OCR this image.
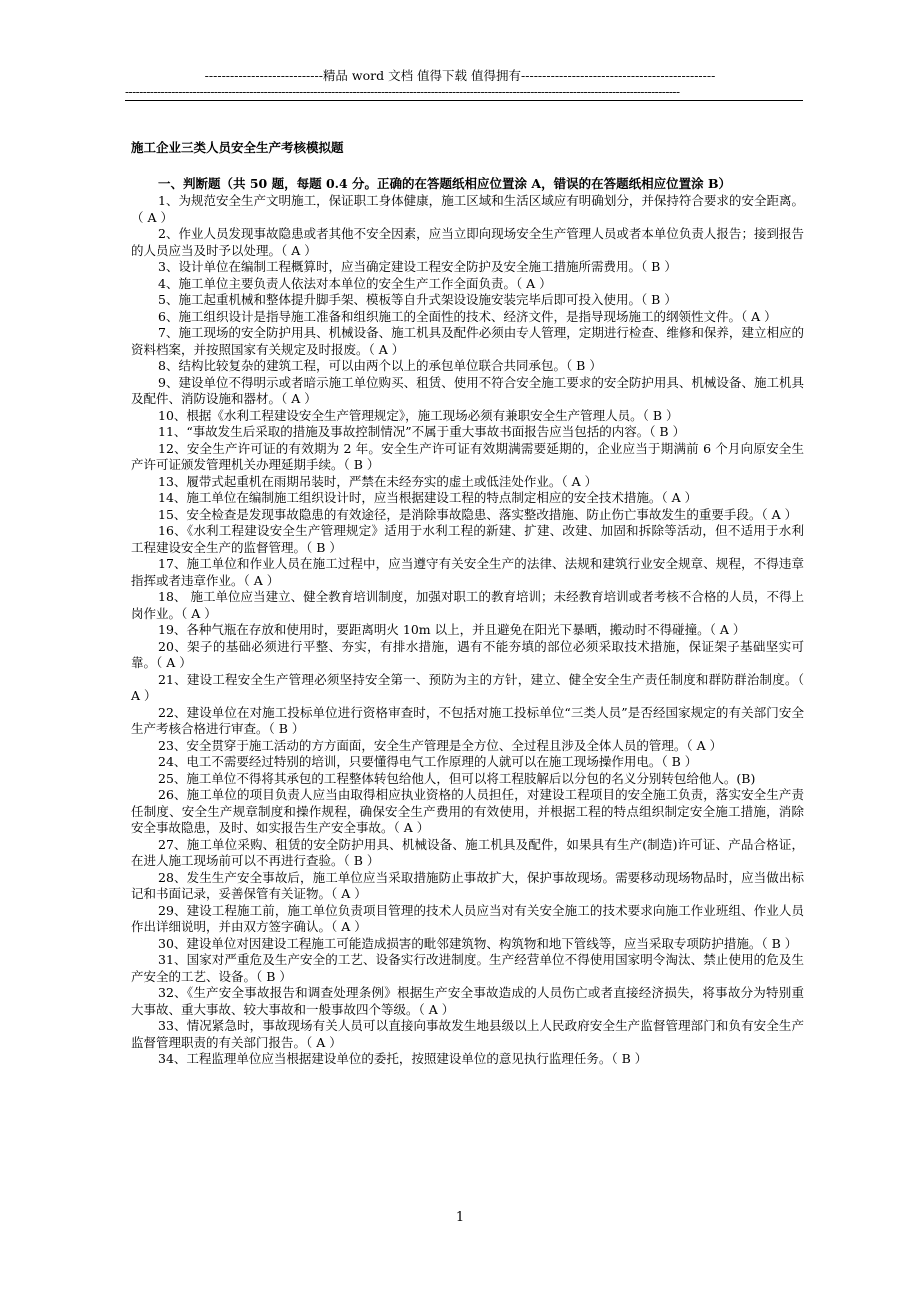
----------------------------精品 word 文档 值得下载 值得拥有----------------------------------------------
------------------------------------------------------------------------------------------------------------------------------------------------------------
施工企业三类人员安全生产考核模拟题
一、判断题（共 50 题，每题 0.4 分。正确的在答题纸相应位置涂 A，错误的在答题纸相应位置涂 B）

1、为规范安全生产文明施工，保证职工身体健康，施工区域和生活区域应有明确划分，并保持符合要求的安全距离。（ A ）

2、作业人员发现事故隐患或者其他不安全因素，应当立即向现场安全生产管理人员或者本单位负责人报告；接到报告的人员应当及时予以处理。（ A ）

3、设计单位在编制工程概算时，应当确定建设工程安全防护及安全施工措施所需费用。（ B ）

4、施工单位主要负责人依法对本单位的安全生产工作全面负责。（ A ）

5、施工起重机械和整体提升脚手架、模板等自升式架设设施安装完毕后即可投入使用。（ B ）

6、施工组织设计是指导施工准备和组织施工的全面性的技术、经济文件，是指导现场施工的纲领性文件。（ A ）

7、施工现场的安全防护用具、机械设备、施工机具及配件必须由专人管理，定期进行检查、维修和保养，建立相应的资料档案，并按照国家有关规定及时报废。（ A ）

8、结构比较复杂的建筑工程，可以由两个以上的承包单位联合共同承包。（ B ）

9、建设单位不得明示或者暗示施工单位购买、租赁、使用不符合安全施工要求的安全防护用具、机械设备、施工机具及配件、消防设施和器材。（ A ）

10、根据《水利工程建设安全生产管理规定》，施工现场必须有兼职安全生产管理人员。（ B ）

11、“事故发生后采取的措施及事故控制情况”不属于重大事故书面报告应当包括的内容。（ B ）

12、安全生产许可证的有效期为 2 年。安全生产许可证有效期满需要延期的，企业应当于期满前 6 个月向原安全生产许可证颁发管理机关办理延期手续。（ B ）

13、履带式起重机在雨期吊装时，严禁在未经夯实的虚土或低洼处作业。（ A ）

14、施工单位在编制施工组织设计时，应当根据建设工程的特点制定相应的安全技术措施。（ A ）

15、安全检查是发现事故隐患的有效途径，是消除事故隐患、落实整改措施、防止伤亡事故发生的重要手段。（ A ）

16、《水利工程建设安全生产管理规定》适用于水利工程的新建、扩建、改建、加固和拆除等活动，但不适用于水利工程建设安全生产的监督管理。（ B ）

17、施工单位和作业人员在施工过程中，应当遵守有关安全生产的法律、法规和建筑行业安全规章、规程，不得违章指挥或者违章作业。（ A ）

18、 施工单位应当建立、健全教育培训制度，加强对职工的教育培训；未经教育培训或者考核不合格的人员，不得上岗作业。（ A ）

19、各种气瓶在存放和使用时，要距离明火 10m 以上，并且避免在阳光下暴晒，搬动时不得碰撞。（ A ）

20、架子的基础必须进行平整、夯实，有排水措施，遇有不能夯填的部位必须采取技术措施，保证架子基础坚实可靠。（ A ）

21、建设工程安全生产管理必须坚持安全第一、预防为主的方针，建立、健全安全生产责任制度和群防群治制度。（ A ）

22、建设单位在对施工投标单位进行资格审查时，不包括对施工投标单位“三类人员”是否经国家规定的有关部门安全生产考核合格进行审查。（ B ）

23、安全贯穿于施工活动的方方面面，安全生产管理是全方位、全过程且涉及全体人员的管理。（ A ）

24、电工不需要经过特别的培训，只要懂得电气工作原理的人就可以在施工现场操作用电。（ B ）

25、施工单位不得将其承包的工程整体转包给他人，但可以将工程肢解后以分包的名义分别转包给他人。(B)

26、施工单位的项目负责人应当由取得相应执业资格的人员担任，对建设工程项目的安全施工负责，落实安全生产责任制度、安全生产规章制度和操作规程，确保安全生产费用的有效使用，并根据工程的特点组织制定安全施工措施，消除安全事故隐患，及时、如实报告生产安全事故。（ A ）

27、施工单位采购、租赁的安全防护用具、机械设备、施工机具及配件，如果具有生产(制造)许可证、产品合格证，在进人施工现场前可以不再进行查验。（ B ）

28、发生生产安全事故后，施工单位应当采取措施防止事故扩大，保护事故现场。需要移动现场物品时，应当做出标记和书面记录，妥善保管有关证物。（ A ）

29、建设工程施工前，施工单位负责项目管理的技术人员应当对有关安全施工的技术要求向施工作业班组、作业人员作出详细说明，并由双方签字确认。（ A ）

30、建设单位对因建设工程施工可能造成损害的毗邻建筑物、构筑物和地下管线等，应当采取专项防护措施。（ B ）

31、国家对严重危及生产安全的工艺、设备实行改进制度。生产经营单位不得使用国家明令淘汰、禁止使用的危及生产安全的工艺、设备。（ B ）

32、《生产安全事故报告和调查处理条例》根据生产安全事故造成的人员伤亡或者直接经济损失，将事故分为特别重大事故、重大事故、较大事故和一般事故四个等级。（ A ）

33、情况紧急时，事故现场有关人员可以直接向事故发生地县级以上人民政府安全生产监督管理部门和负有安全生产监督管理职责的有关部门报告。（ A ）

34、工程监理单位应当根据建设单位的委托，按照建设单位的意见执行监理任务。（ B ）

1
